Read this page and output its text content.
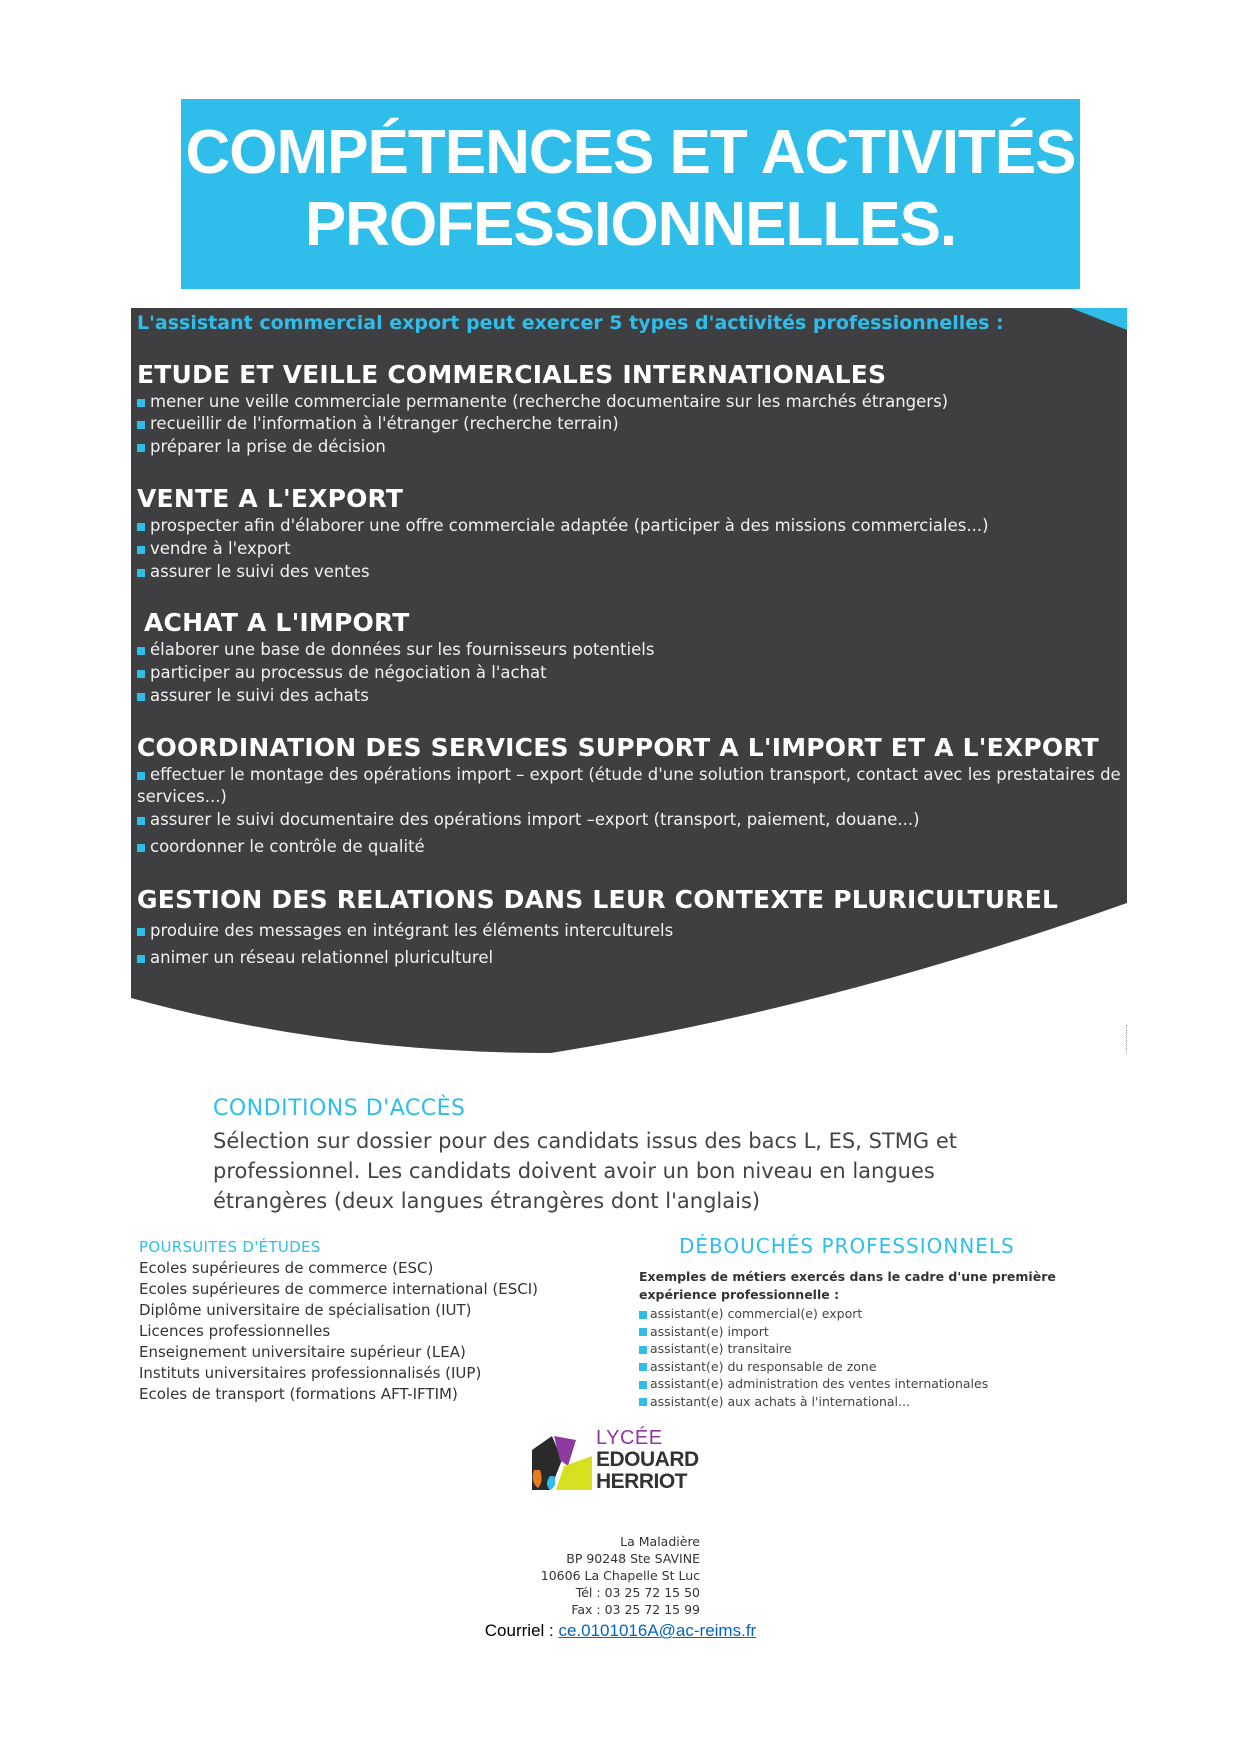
COMPÉTENCES ET ACTIVITÉS
PROFESSIONNELLES.
L'assistant commercial export peut exercer 5 types d'activités professionnelles :
ETUDE ET VEILLE COMMERCIALES INTERNATIONALES
mener une veille commerciale permanente (recherche documentaire sur les marchés étrangers)
recueillir de l'information à l'étranger (recherche terrain)
préparer la prise de décision
VENTE A L'EXPORT
prospecter afin d'élaborer une offre commerciale adaptée (participer à des missions commerciales...)
vendre à l'export
assurer le suivi des ventes
ACHAT A L'IMPORT
élaborer une base de données sur les fournisseurs potentiels
participer au processus de négociation à l'achat
assurer le suivi des achats
COORDINATION DES SERVICES SUPPORT A L'IMPORT ET A L'EXPORT
effectuer le montage des opérations import – export (étude d'une solution transport, contact avec les prestataires de services...)
assurer le suivi documentaire des opérations import –export (transport, paiement, douane...)
coordonner le contrôle de qualité
GESTION DES RELATIONS DANS LEUR CONTEXTE PLURICULTUREL
produire des messages en intégrant les éléments interculturels
animer un réseau relationnel pluriculturel
CONDITIONS D'ACCÈS
Sélection sur dossier pour des candidats issus des bacs L, ES, STMG et professionnel. Les candidats doivent avoir un bon niveau en langues étrangères (deux langues étrangères dont l'anglais)
POURSUITES D'ÉTUDES
Ecoles supérieures de commerce (ESC)
Ecoles supérieures de commerce international (ESCI)
Diplôme universitaire de spécialisation (IUT)
Licences professionnelles
Enseignement universitaire supérieur (LEA)
Instituts universitaires professionnalisés (IUP)
Ecoles de transport (formations AFT-IFTIM)
DÉBOUCHÉS PROFESSIONNELS
Exemples de métiers exercés dans le cadre d'une première expérience professionnelle :
assistant(e) commercial(e) export
assistant(e) import
assistant(e) transitaire
assistant(e) du responsable de zone
assistant(e) administration des ventes internationales
assistant(e) aux achats à l'international...
LYCÉE
EDOUARD
HERRIOT
La Maladière
BP 90248 Ste SAVINE
10606 La Chapelle St Luc
Tél : 03 25 72 15 50
Fax : 03 25 72 15 99
Courriel : ce.0101016A@ac-reims.fr
